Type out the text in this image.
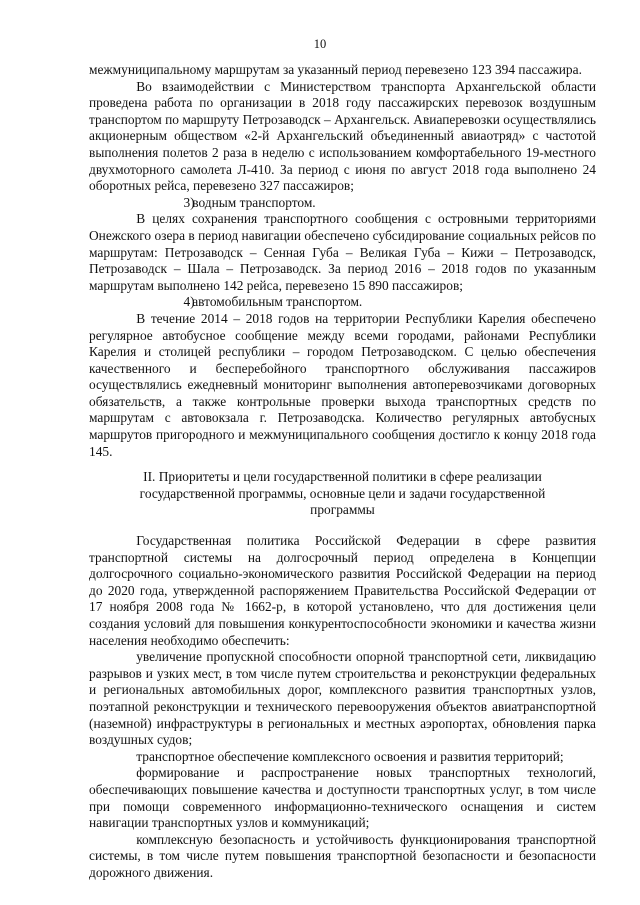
10

межмуниципальному маршрутам за указанный период перевезено 123 394 пассажира.

Во взаимодействии с Министерством транспорта Архангельской области проведена работа по организации в 2018 году пассажирских перевозок воздушным транспортом по маршруту Петрозаводск – Архангельск. Авиаперевозки осуществлялись акционерным обществом «2-й Архангельский объединенный авиаотряд» с частотой выполнения полетов 2 раза в неделю с использованием комфортабельного 19-местного двухмоторного самолета Л-410. За период с июня по август 2018 года выполнено 24 оборотных рейса, перевезено 327 пассажиров;

3)водным транспортом.

В целях сохранения транспортного сообщения с островными территориями Онежского озера в период навигации обеспечено субсидирование социальных рейсов по маршрутам: Петрозаводск – Сенная Губа – Великая Губа – Кижи – Петрозаводск, Петрозаводск – Шала – Петрозаводск. За период 2016 – 2018 годов по указанным маршрутам выполнено 142 рейса, перевезено 15 890 пассажиров;

4)автомобильным транспортом.

В течение 2014 – 2018 годов на территории Республики Карелия обеспечено регулярное автобусное сообщение между всеми городами, районами Республики Карелия и столицей республики – городом Петрозаводском. С целью обеспечения качественного и бесперебойного транспортного обслуживания пассажиров осуществлялись ежедневный мониторинг выполнения автоперевозчиками договорных обязательств, а также контрольные проверки выхода транспортных средств по маршрутам с автовокзала г. Петрозаводска. Количество регулярных автобусных маршрутов пригородного и межмуниципального сообщения достигло к концу 2018 года 145.

II. Приоритеты и цели государственной политики в сфере реализации государственной программы, основные цели и задачи государственной программы

Государственная политика Российской Федерации в сфере развития транспортной системы на долгосрочный период определена в Концепции долгосрочного социально-экономического развития Российской Федерации на период до 2020 года, утвержденной распоряжением Правительства Российской Федерации от 17 ноября 2008 года № 1662-р, в которой установлено, что для достижения цели создания условий для повышения конкурентоспособности экономики и качества жизни населения необходимо обеспечить:

увеличение пропускной способности опорной транспортной сети, ликвидацию разрывов и узких мест, в том числе путем строительства и реконструкции федеральных и региональных автомобильных дорог, комплексного развития транспортных узлов, поэтапной реконструкции и технического перевооружения объектов авиатранспортной (наземной) инфраструктуры в региональных и местных аэропортах, обновления парка воздушных судов;

транспортное обеспечение комплексного освоения и развития территорий;

формирование и распространение новых транспортных технологий, обеспечивающих повышение качества и доступности транспортных услуг, в том числе при помощи современного информационно-технического оснащения и систем навигации транспортных узлов и коммуникаций;

комплексную безопасность и устойчивость функционирования транспортной системы, в том числе путем повышения транспортной безопасности и безопасности дорожного движения.
